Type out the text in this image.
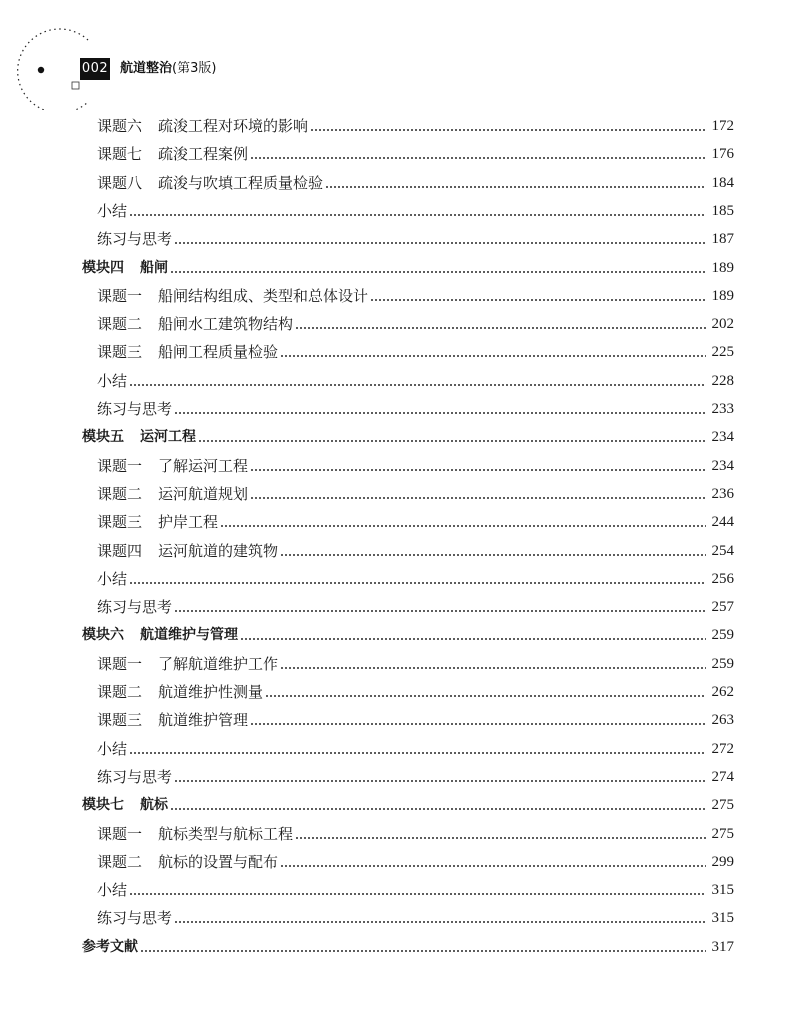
002 航道整治(第3版)
课题六 疏浚工程对环境的影响	172
课题七 疏浚工程案例	176
课题八 疏浚与吹填工程质量检验	184
小结	185
练习与思考	187
模块四 船闸	189
课题一 船闸结构组成、类型和总体设计	189
课题二 船闸水工建筑物结构	202
课题三 船闸工程质量检验	225
小结	228
练习与思考	233
模块五 运河工程	234
课题一 了解运河工程	234
课题二 运河航道规划	236
课题三 护岸工程	244
课题四 运河航道的建筑物	254
小结	256
练习与思考	257
模块六 航道维护与管理	259
课题一 了解航道维护工作	259
课题二 航道维护性测量	262
课题三 航道维护管理	263
小结	272
练习与思考	274
模块七 航标	275
课题一 航标类型与航标工程	275
课题二 航标的设置与配布	299
小结	315
练习与思考	315
参考文献	317
